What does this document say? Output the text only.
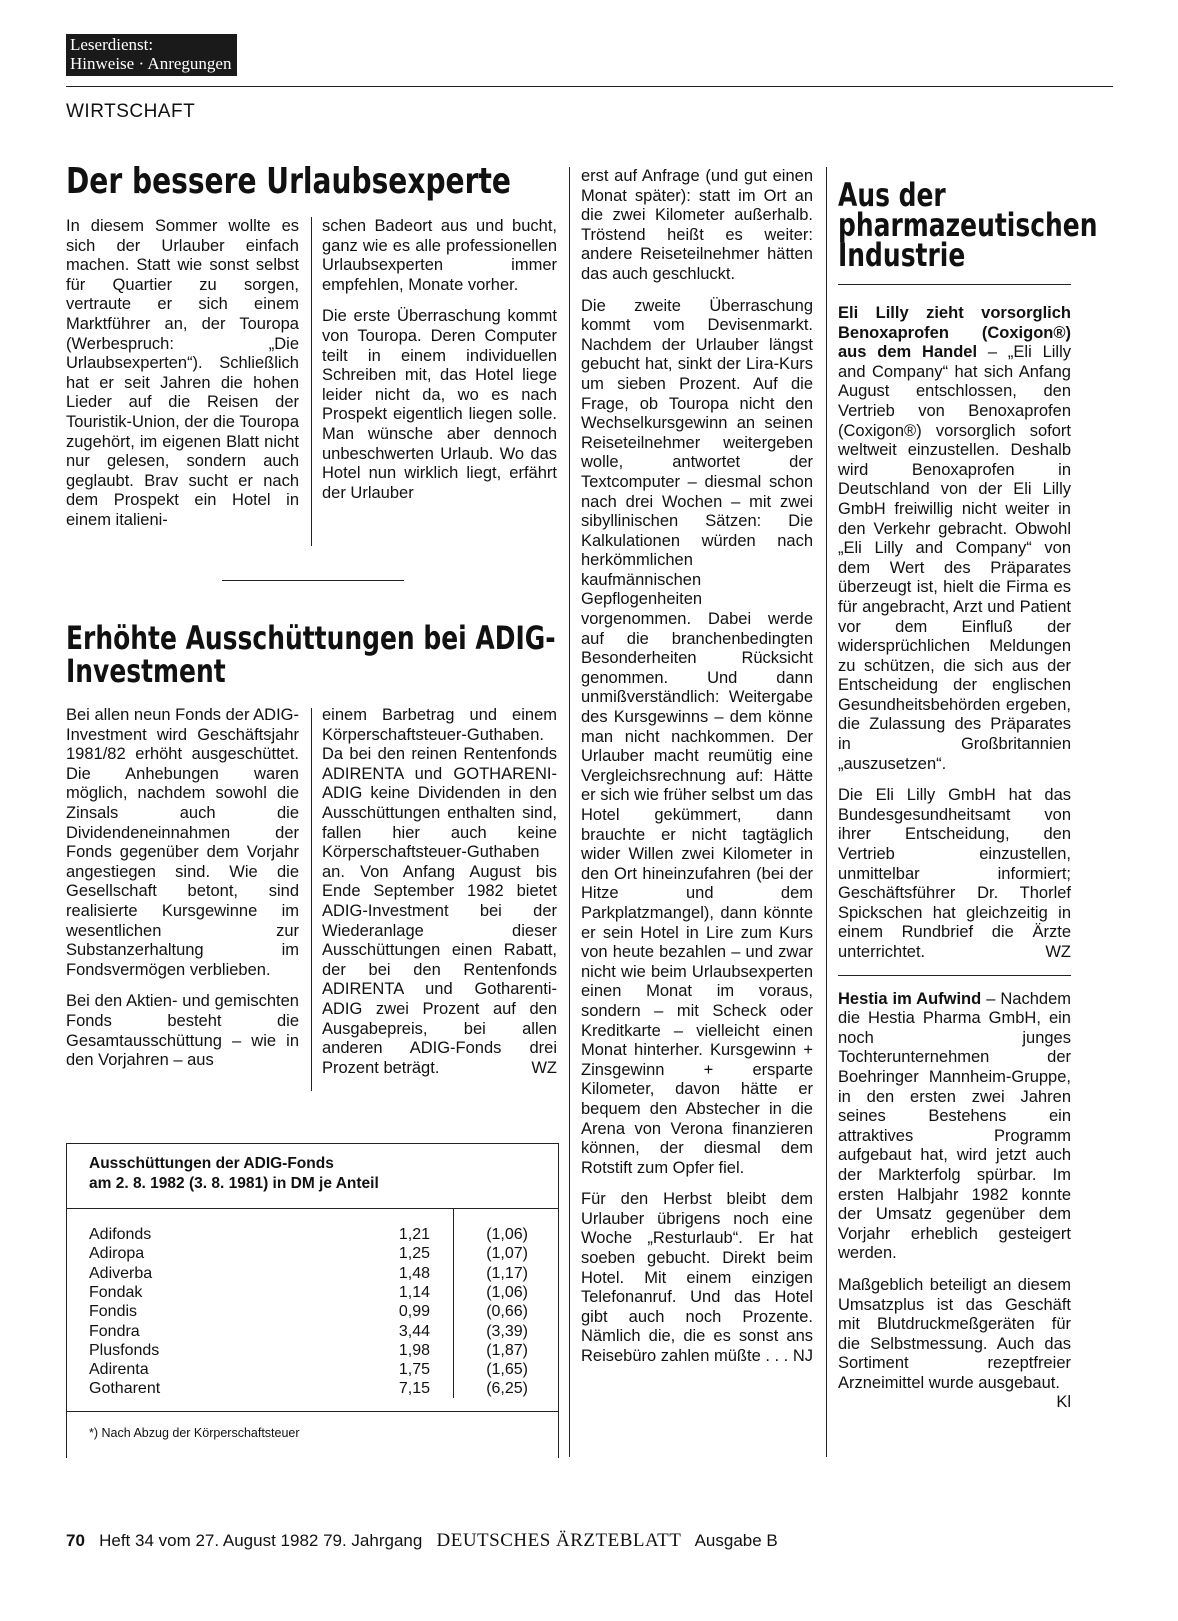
Leserdienst:
Hinweise · Anregungen
WIRTSCHAFT
Der bessere Urlaubsexperte

In diesem Sommer wollte es sich der Urlauber einfach machen. Statt wie sonst selbst für Quartier zu sorgen, vertraute er sich einem Marktführer an, der Touropa (Werbespruch: „Die Urlaubsexperten“). Schließlich hat er seit Jahren die hohen Lieder auf die Reisen der Touristik-Union, der die Touropa zugehört, im eigenen Blatt nicht nur gelesen, sondern auch geglaubt. Brav sucht er nach dem Prospekt ein Hotel in einem italieni-

schen Badeort aus und bucht, ganz wie es alle professionellen Urlaubsexperten immer empfehlen, Monate vorher.

Die erste Überraschung kommt von Touropa. Deren Computer teilt in einem individuellen Schreiben mit, das Hotel liege leider nicht da, wo es nach Prospekt eigentlich liegen solle. Man wünsche aber dennoch unbeschwerten Urlaub. Wo das Hotel nun wirklich liegt, erfährt der Urlauber

erst auf Anfrage (und gut einen Monat später): statt im Ort an die zwei Kilometer außerhalb. Tröstend heißt es weiter: andere Reiseteilnehmer hätten das auch geschluckt.

Die zweite Überraschung kommt vom Devisenmarkt. Nachdem der Urlauber längst gebucht hat, sinkt der Lira-Kurs um sieben Prozent. Auf die Frage, ob Touropa nicht den Wechselkursgewinn an seinen Reiseteilnehmer weitergeben wolle, antwortet der Textcomputer – diesmal schon nach drei Wochen – mit zwei sibyllinischen Sätzen: Die Kalkulationen würden nach herkömmlichen kaufmännischen Gepflogenheiten vorgenommen. Dabei werde auf die branchenbedingten Besonderheiten Rücksicht genommen. Und dann unmißverständlich: Weitergabe des Kursgewinns – dem könne man nicht nachkommen. Der Urlauber macht reumütig eine Vergleichsrechnung auf: Hätte er sich wie früher selbst um das Hotel gekümmert, dann brauchte er nicht tagtäglich wider Willen zwei Kilometer in den Ort hineinzufahren (bei der Hitze und dem Parkplatzmangel), dann könnte er sein Hotel in Lire zum Kurs von heute bezahlen – und zwar nicht wie beim Urlaubsexperten einen Monat im voraus, sondern – mit Scheck oder Kreditkarte – vielleicht einen Monat hinterher. Kursgewinn + Zinsgewinn + ersparte Kilometer, davon hätte er bequem den Abstecher in die Arena von Verona finanzieren können, der diesmal dem Rotstift zum Opfer fiel.

Für den Herbst bleibt dem Urlauber übrigens noch eine Woche „Resturlaub“. Er hat soeben gebucht. Direkt beim Hotel. Mit einem einzigen Telefonanruf. Und das Hotel gibt auch noch Prozente. Nämlich die, die es sonst ans Reisebüro zahlen müßte . . . NJ

Erhöhte Ausschüttungen bei ADIG-
Investment

Bei allen neun Fonds der ADIG-Investment wird Geschäftsjahr 1981/82 erhöht ausgeschüttet. Die Anhebungen waren möglich, nachdem sowohl die Zinsals auch die Dividendeneinnahmen der Fonds gegenüber dem Vorjahr angestiegen sind. Wie die Gesellschaft betont, sind realisierte Kursgewinne im wesentlichen zur Substanzerhaltung im Fondsvermögen verblieben.

Bei den Aktien- und gemischten Fonds besteht die Gesamtausschüttung – wie in den Vorjahren – aus

einem Barbetrag und einem Körperschaftsteuer-Guthaben. Da bei den reinen Rentenfonds ADIRENTA und GOTHARENI-ADIG keine Dividenden in den Ausschüttungen enthalten sind, fallen hier auch keine Körperschaftsteuer-Guthaben an. Von Anfang August bis Ende September 1982 bietet ADIG-Investment bei der Wiederanlage dieser Ausschüttungen einen Rabatt, der bei den Rentenfonds ADIRENTA und Gotharenti-ADIG zwei Prozent auf den Ausgabepreis, bei allen anderen ADIG-Fonds drei Prozent beträgt.	WZ

Ausschüttungen der ADIG-Fonds
am 2. 8. 1982 (3. 8. 1981) in DM je Anteil
Adifonds	1,21	(1,06)
Adiropa	1,25	(1,07)
Adiverba	1,48	(1,17)
Fondak	1,14	(1,06)
Fondis	0,99	(0,66)
Fondra	3,44	(3,39)
Plusfonds	1,98	(1,87)
Adirenta	1,75	(1,65)
Gotharent	7,15	(6,25)
*) Nach Abzug der Körperschaftsteuer
Aus der
pharmazeutischen
Industrie

Eli Lilly zieht vorsorglich Benoxaprofen (Coxigon®) aus dem Handel – „Eli Lilly and Company“ hat sich Anfang August entschlossen, den Vertrieb von Benoxaprofen (Coxigon®) vorsorglich sofort weltweit einzustellen. Deshalb wird Benoxaprofen in Deutschland von der Eli Lilly GmbH freiwillig nicht weiter in den Verkehr gebracht. Obwohl „Eli Lilly and Company“ von dem Wert des Präparates überzeugt ist, hielt die Firma es für angebracht, Arzt und Patient vor dem Einfluß der widersprüchlichen Meldungen zu schützen, die sich aus der Entscheidung der englischen Gesundheitsbehörden ergeben, die Zulassung des Präparates in Großbritannien „auszusetzen“.

Die Eli Lilly GmbH hat das Bundesgesundheitsamt von ihrer Entscheidung, den Vertrieb einzustellen, unmittelbar informiert; Geschäftsführer Dr. Thorlef Spickschen hat gleichzeitig in einem Rundbrief die Ärzte unterrichtet.	WZ

Hestia im Aufwind – Nachdem die Hestia Pharma GmbH, ein noch junges Tochterunternehmen der Boehringer Mannheim-Gruppe, in den ersten zwei Jahren seines Bestehens ein attraktives Programm aufgebaut hat, wird jetzt auch der Markterfolg spürbar. Im ersten Halbjahr 1982 konnte der Umsatz gegenüber dem Vorjahr erheblich gesteigert werden.

Maßgeblich beteiligt an diesem Umsatzplus ist das Geschäft mit Blutdruckmeßgeräten für die Selbstmessung. Auch das Sortiment rezeptfreier Arzneimittel wurde ausgebaut.
Kl

70 Heft 34 vom 27. August 1982 79. Jahrgang DEUTSCHES ÄRZTEBLATT Ausgabe B
